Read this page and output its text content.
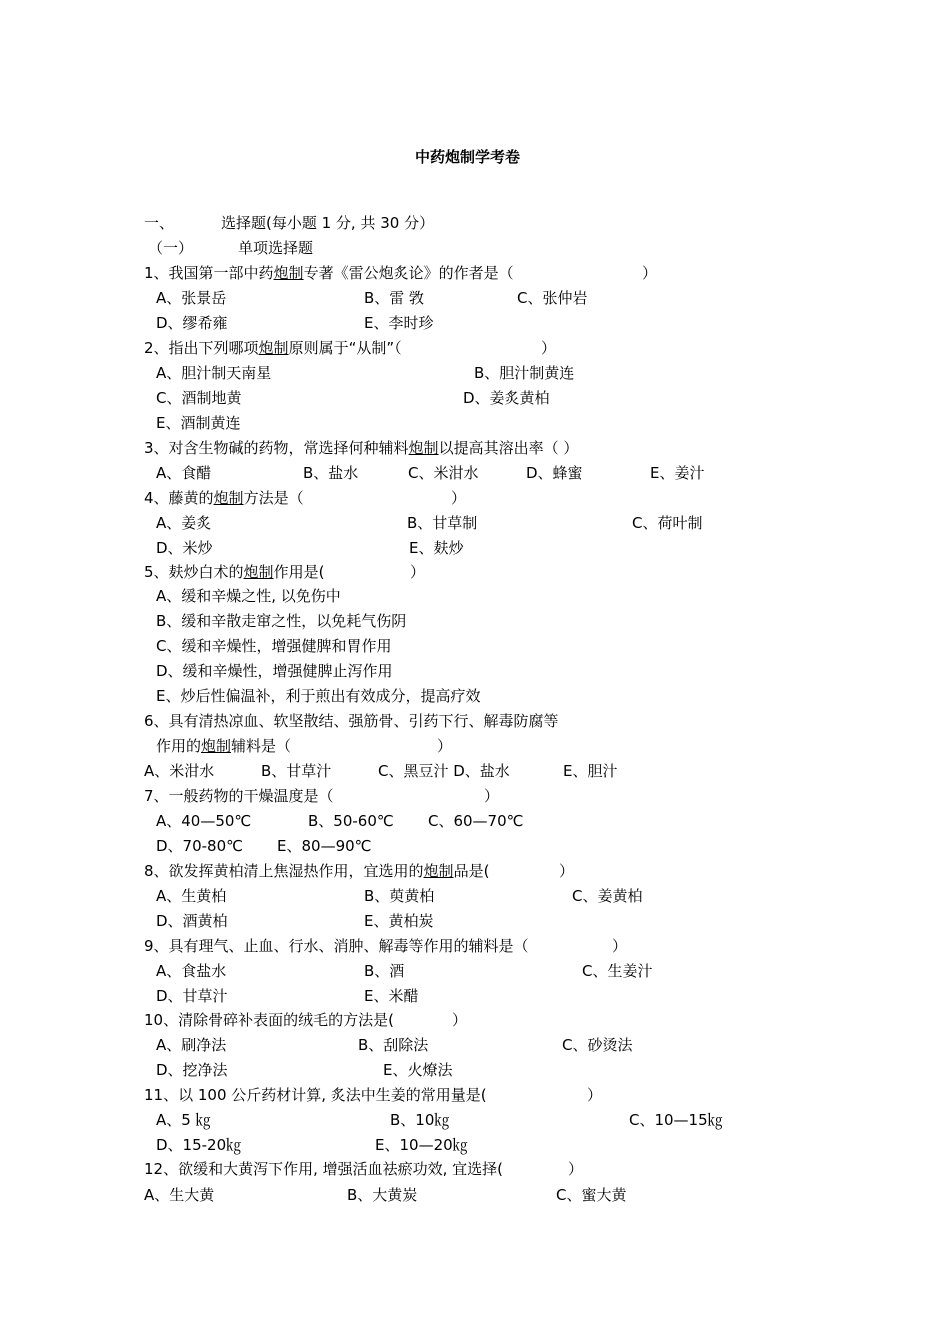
中药炮制学考卷
一、	选择题(每小题 1 分, 共 30 分）
（一）	单项选择题
1、我国第一部中药炮制专著《雷公炮炙论》的作者是（	）
A、张景岳	B、雷 敩	C、张仲岩
D、缪希雍	E、李时珍
2、指出下列哪项炮制原则属于“从制”（	）
A、胆汁制天南星	B、胆汁制黄连
C、酒制地黄	D、姜炙黄柏
E、酒制黄连
3、对含生物碱的药物，常选择何种辅料炮制以提高其溶出率（ ）
A、食醋	B、盐水	C、米泔水	D、蜂蜜	E、姜汁
4、藤黄的炮制方法是（	）
A、姜炙	B、甘草制	C、荷叶制
D、米炒	E、麸炒
5、麸炒白术的炮制作用是(	）
A、缓和辛燥之性, 以免伤中
B、缓和辛散走窜之性，以免耗气伤阴
C、缓和辛燥性，增强健脾和胃作用
D、缓和辛燥性，增强健脾止泻作用
E、炒后性偏温补，利于煎出有效成分，提高疗效
6、具有清热凉血、软坚散结、强筋骨、引药下行、解毒防腐等
作用的炮制辅料是（	）
A、米泔水	B、甘草汁	C、黑豆汁 D、盐水	E、胆汁
7、一般药物的干燥温度是（	）
A、40—50℃	B、50-60℃ C、60—70℃
D、70-80℃ E、80—90℃
8、欲发挥黄柏清上焦湿热作用，宜选用的炮制品是(	）
A、生黄柏	B、萸黄柏	C、姜黄柏
D、酒黄柏	E、黄柏炭
9、具有理气、止血、行水、消肿、解毒等作用的辅料是（	）
A、食盐水	B、酒	C、生姜汁
D、甘草汁	E、米醋
10、清除骨碎补表面的绒毛的方法是(	）
A、刷净法	B、刮除法	C、砂烫法
D、挖净法	E、火燎法
11、以 100 公斤药材计算, 炙法中生姜的常用量是(	）
A、5 ㎏	B、10㎏	C、10—15㎏
D、15-20㎏	E、10—20㎏
12、欲缓和大黄泻下作用, 增强活血祛瘀功效, 宜选择(	）
A、生大黄	B、大黄炭	C、蜜大黄
